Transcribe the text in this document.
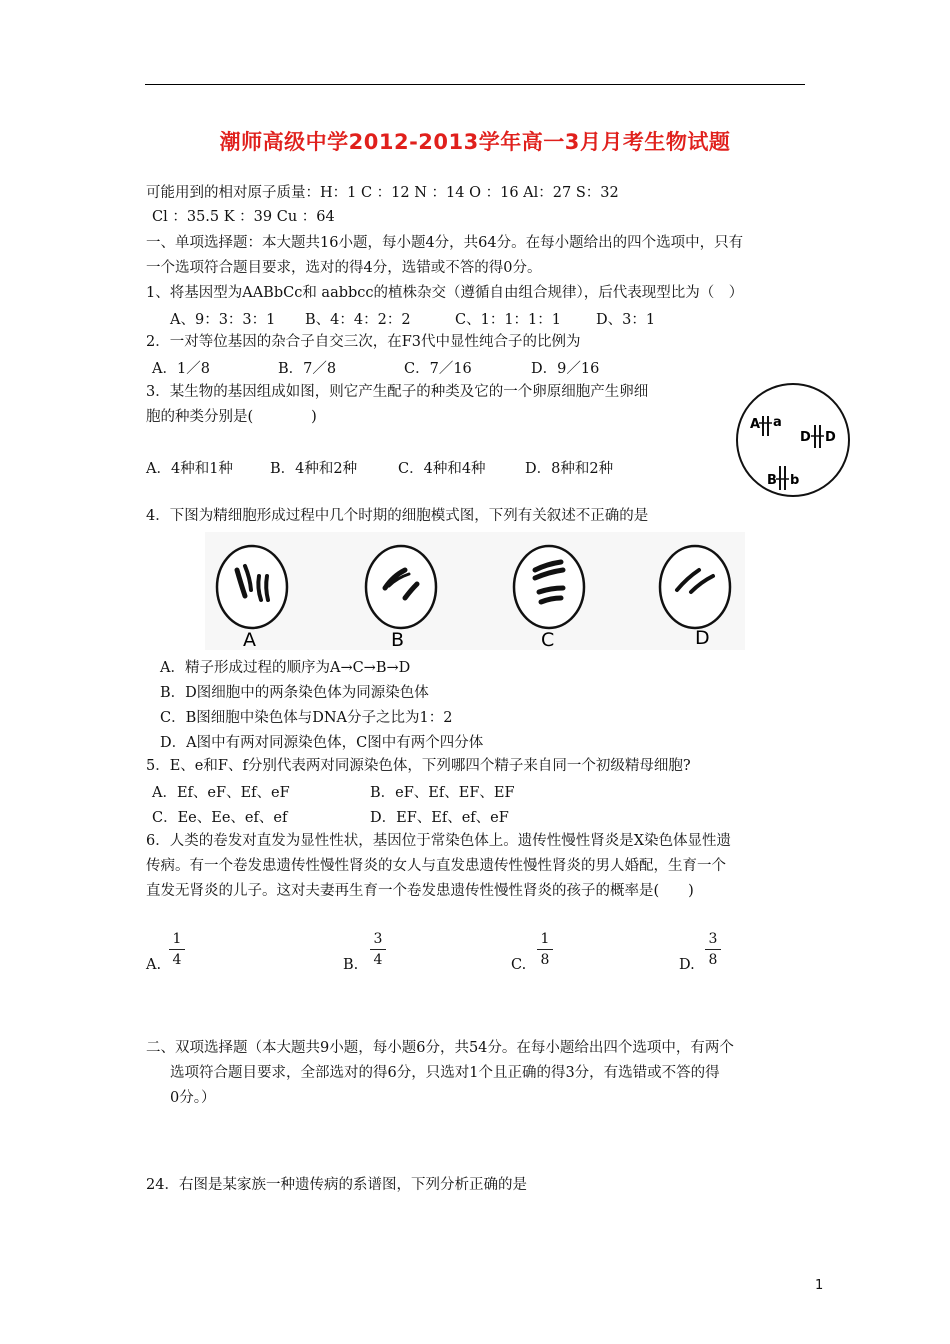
潮师高级中学2012-2013学年高一3月月考生物试题
可能用到的相对原子质量：H：1 C ：12 N ：14 O ：16 Al：27 S：32
Cl ：35.5 K ：39 Cu ：64
一、单项选择题：本大题共16小题，每小题4分，共64分。在每小题给出的四个选项中，只有
一个选项符合题目要求，选对的得4分，选错或不答的得0分。
1、将基因型为AABbCc和 aabbcc的植株杂交（遵循自由组合规律），后代表现型比为（　）
A、9：3：3：1 B、4：4：2：2	C、1：1：1：1 D、3：1
2．一对等位基因的杂合子自交三次，在F3代中显性纯合子的比例为
A．1／8	B．7／8	C．7／16	D．9／16
3．某生物的基因组成如图，则它产生配子的种类及它的一个卵原细胞产生卵细
胞的种类分别是(　　　　)	A a
D D
B b
A．4种和1种	B．4种和2种	C．4种和4种	D．8种和2种
4．下图为精细胞形成过程中几个时期的细胞模式图，下列有关叙述不正确的是
A	B	C	D
A．精子形成过程的顺序为A→C→B→D
B．D图细胞中的两条染色体为同源染色体
C．B图细胞中染色体与DNA分子之比为1：2
D．A图中有两对同源染色体，C图中有两个四分体
5．E、e和F、f分别代表两对同源染色体，下列哪四个精子来自同一个初级精母细胞?
A．Ef、eF、Ef、eF	B．eF、Ef、EF、EF
C．Ee、Ee、ef、ef	D．EF、Ef、ef、eF
6．人类的卷发对直发为显性性状，基因位于常染色体上。遗传性慢性肾炎是X染色体显性遗
传病。有一个卷发患遗传性慢性肾炎的女人与直发患遗传性慢性肾炎的男人婚配，生育一个
直发无肾炎的儿子。这对夫妻再生育一个卷发患遗传性慢性肾炎的孩子的概率是(　　)
A.
1
4	B.
3
4	C.
1
8	D.
3
8
二、双项选择题（本大题共9小题，每小题6分，共54分。在每小题给出四个选项中，有两个
选项符合题目要求，全部选对的得6分，只选对1个且正确的得3分，有选错或不答的得
0分。）
24．右图是某家族一种遗传病的系谱图，下列分析正确的是
1
